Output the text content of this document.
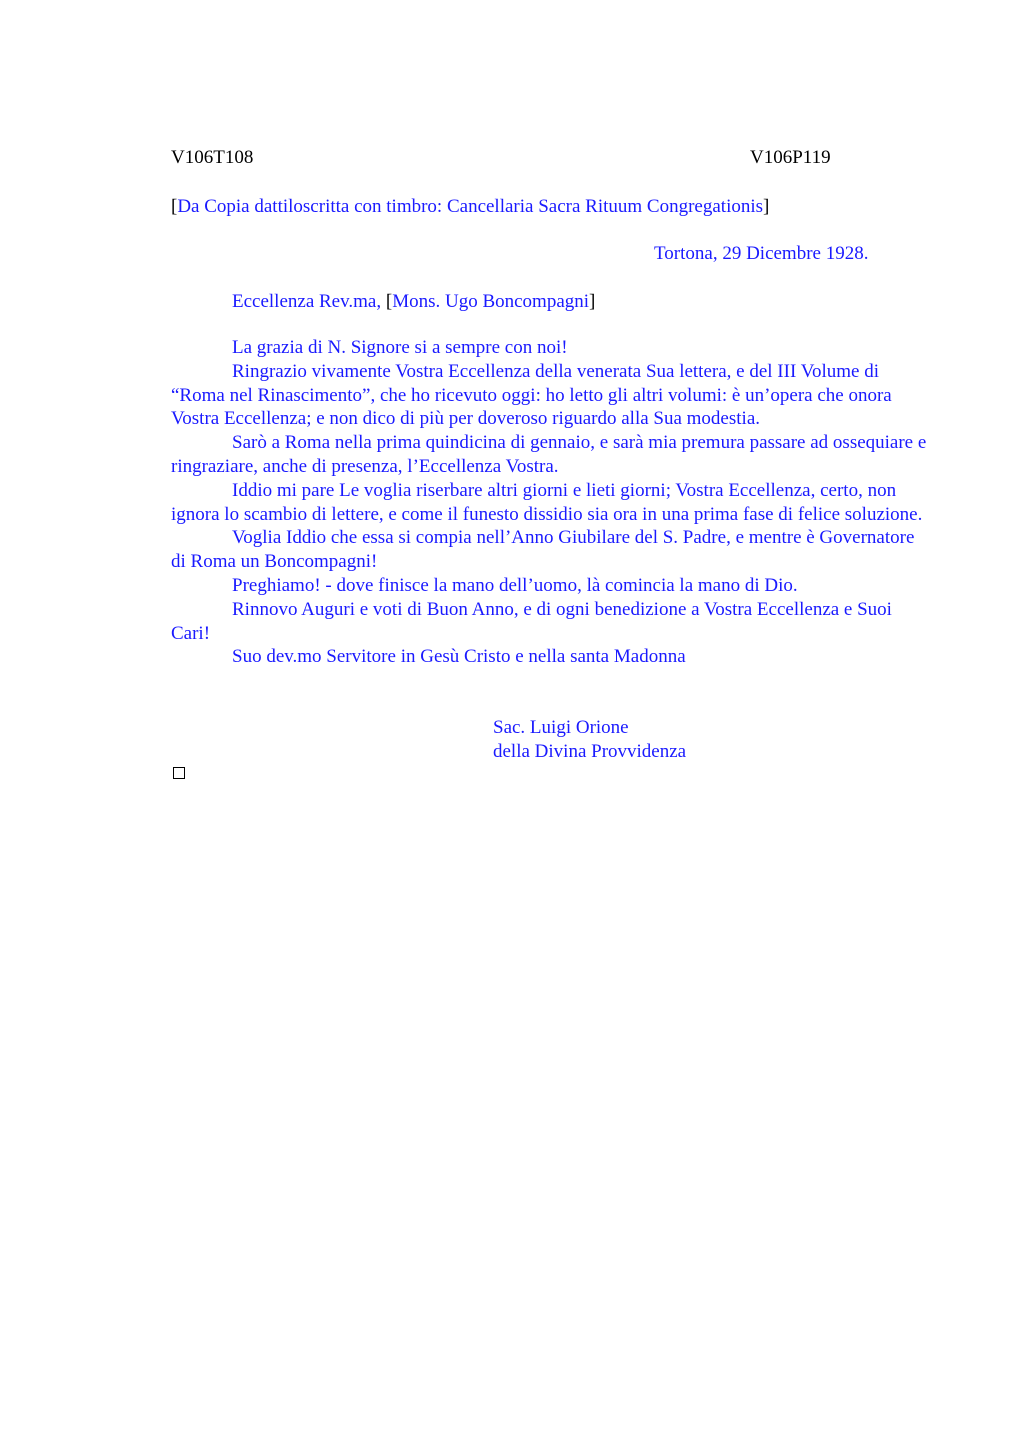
V106T108	V106P119
[Da Copia dattiloscritta con timbro: Cancellaria Sacra Rituum Congregationis]
Tortona, 29 Dicembre 1928.
Eccellenza Rev.ma, [Mons. Ugo Boncompagni]

La grazia di N. Signore si a sempre con noi!

Ringrazio vivamente Vostra Eccellenza della venerata Sua lettera, e del III Volume di “Roma nel Rinascimento”, che ho ricevuto oggi: ho letto gli altri volumi: è un’opera che onora Vostra Eccellenza; e non dico di più per doveroso riguardo alla Sua modestia.

Sarò a Roma nella prima quindicina di gennaio, e sarà mia premura passare ad ossequiare e ringraziare, anche di presenza, l’Eccellenza Vostra.

Iddio mi pare Le voglia riserbare altri giorni e lieti giorni; Vostra Eccellenza, certo, non ignora lo scambio di lettere, e come il funesto dissidio sia ora in una prima fase di felice soluzione.

Voglia Iddio che essa si compia nell’Anno Giubilare del S. Padre, e mentre è Governatore di Roma un Boncompagni!

Preghiamo! - dove finisce la mano dell’uomo, là comincia la mano di Dio.

Rinnovo Auguri e voti di Buon Anno, e di ogni benedizione a Vostra Eccellenza e Suoi Cari!

Suo dev.mo Servitore in Gesù Cristo e nella santa Madonna

Sac. Luigi Orione
della Divina Provvidenza
